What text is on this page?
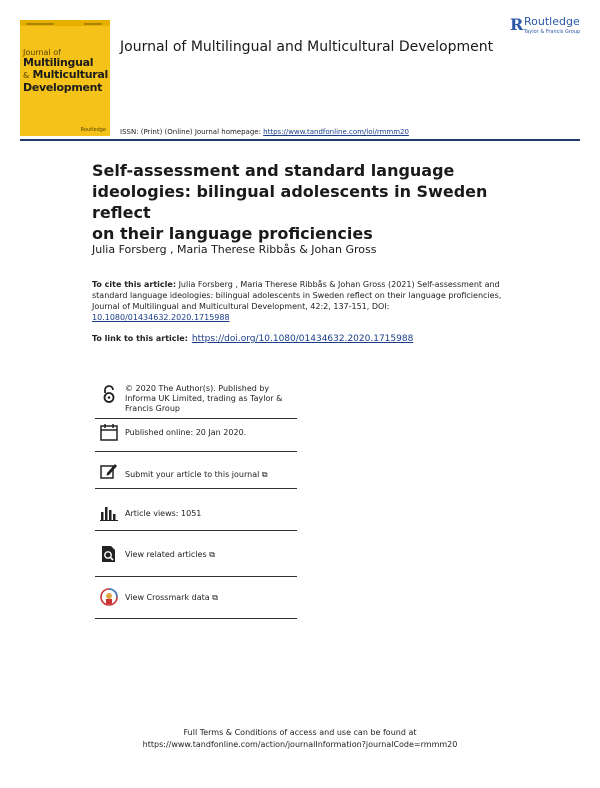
Journal of
Multilingual
& Multicultural
Development
Routledge
R Routledge
Taylor & Francis Group
Journal of Multilingual and Multicultural Development
ISSN: (Print) (Online) Journal homepage: https://www.tandfonline.com/loi/rmmm20
Self-assessment and standard language
ideologies: bilingual adolescents in Sweden reflect
on their language proficiencies
Julia Forsberg , Maria Therese Ribbås & Johan Gross
To cite this article: Julia Forsberg , Maria Therese Ribbås & Johan Gross (2021) Self-assessment and standard language ideologies: bilingual adolescents in Sweden reflect on their language proficiencies, Journal of Multilingual and Multicultural Development, 42:2, 137-151, DOI: 10.1080/01434632.2020.1715988
To link to this article: https://doi.org/10.1080/01434632.2020.1715988
© 2020 The Author(s). Published by Informa UK Limited, trading as Taylor & Francis Group
Published online: 20 Jan 2020.
Submit your article to this journal ⧉
Article views: 1051
View related articles ⧉
View Crossmark data ⧉
Full Terms & Conditions of access and use can be found at
https://www.tandfonline.com/action/journalInformation?journalCode=rmmm20
